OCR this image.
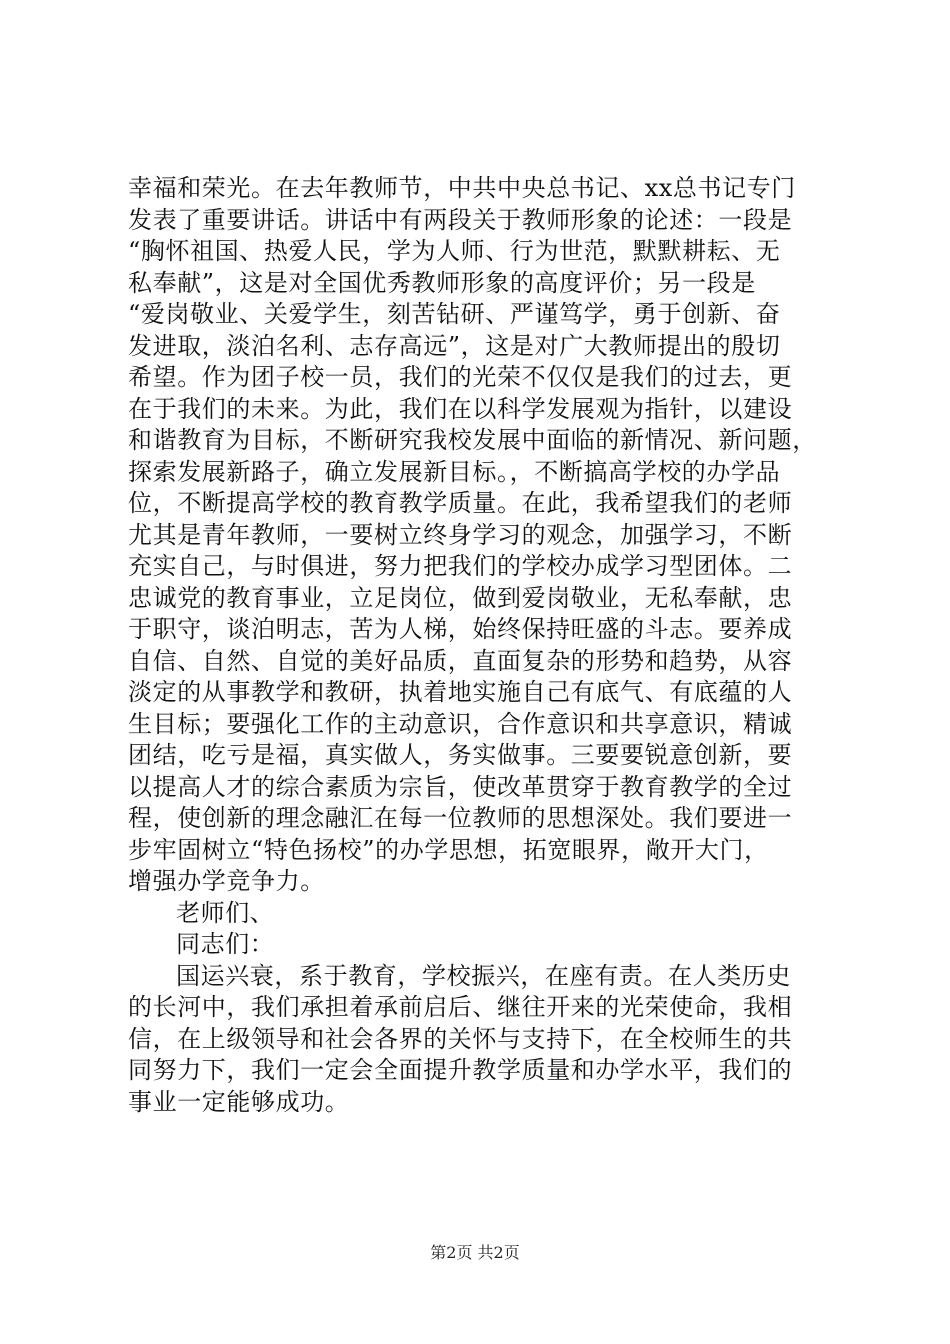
幸福和荣光。在去年教师节，中共中央总书记、xx总书记专门
发表了重要讲话。讲话中有两段关于教师形象的论述：一段是
“胸怀祖国、热爱人民，学为人师、行为世范，默默耕耘、无
私奉献”，这是对全国优秀教师形象的高度评价；另一段是
“爱岗敬业、关爱学生，刻苦钻研、严谨笃学，勇于创新、奋
发进取，淡泊名利、志存高远”，这是对广大教师提出的殷切
希望。作为团子校一员，我们的光荣不仅仅是我们的过去，更
在于我们的未来。为此，我们在以科学发展观为指针，以建设
和谐教育为目标，不断研究我校发展中面临的新情况、新问题，
探索发展新路子，确立发展新目标。，不断搞高学校的办学品
位，不断提高学校的教育教学质量。在此，我希望我们的老师
尤其是青年教师，一要树立终身学习的观念，加强学习，不断
充实自己，与时俱进，努力把我们的学校办成学习型团体。二
忠诚党的教育事业，立足岗位，做到爱岗敬业，无私奉献，忠
于职守，谈泊明志，苦为人梯，始终保持旺盛的斗志。要养成
自信、自然、自觉的美好品质，直面复杂的形势和趋势，从容
淡定的从事教学和教研，执着地实施自己有底气、有底蕴的人
生目标；要强化工作的主动意识，合作意识和共享意识，精诚
团结，吃亏是福，真实做人，务实做事。三要要锐意创新，要
以提高人才的综合素质为宗旨，使改革贯穿于教育教学的全过
程，使创新的理念融汇在每一位教师的思想深处。我们要进一
步牢固树立“特色扬校”的办学思想，拓宽眼界，敞开大门，
增强办学竞争力。
老师们、
同志们：
国运兴衰，系于教育，学校振兴，在座有责。在人类历史
的长河中，我们承担着承前启后、继往开来的光荣使命，我相
信，在上级领导和社会各界的关怀与支持下，在全校师生的共
同努力下，我们一定会全面提升教学质量和办学水平，我们的
事业一定能够成功。
第2页 共2页
